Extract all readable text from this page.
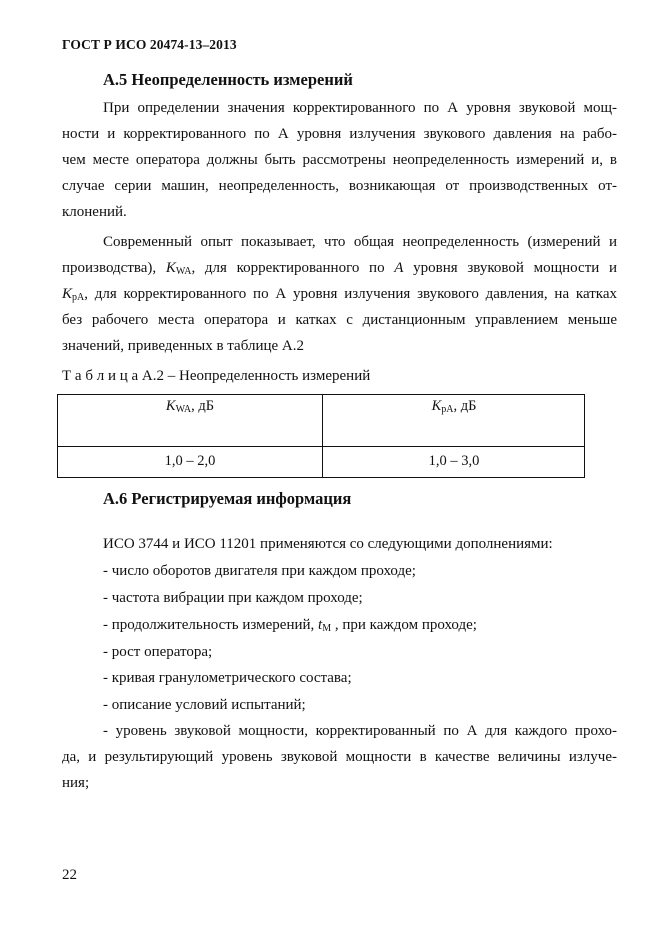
ГОСТ Р ИСО 20474-13–2013
А.5 Неопределенность измерений
При определении значения корректированного по А уровня звуковой мощ-
ности и корректированного по А уровня излучения звукового давления на рабо-
чем месте оператора должны быть рассмотрены неопределенность измерений и, в
случае серии машин, неопределенность, возникающая от производственных от-
клонений.
Современный опыт показывает, что общая неопределенность (измерений и
производства), $K_{WA}$, для корректированного по А уровня звуковой мощности и
$K_{pA}$, для корректированного по А уровня излучения звукового давления, на катках
без рабочего места оператора и катках с дистанционным управлением меньше
значений, приведенных в таблице А.2
Т а б л и ц а А.2 – Неопределенность измерений
$K_{WA}$, дБ	$K_{pA}$, дБ
1,0 – 2,0	1,0 – 3,0
А.6 Регистрируемая информация
ИСО 3744 и ИСО 11201 применяются со следующими дополнениями:
- число оборотов двигателя при каждом проходе;
- частота вибрации при каждом проходе;
- продолжительность измерений, $t_M$ , при каждом проходе;
- рост оператора;
- кривая гранулометрического состава;
- описание условий испытаний;
- уровень звуковой мощности, корректированный по А для каждого прохо-
да, и результирующий уровень звуковой мощности в качестве величины излуче-
ния;
22
